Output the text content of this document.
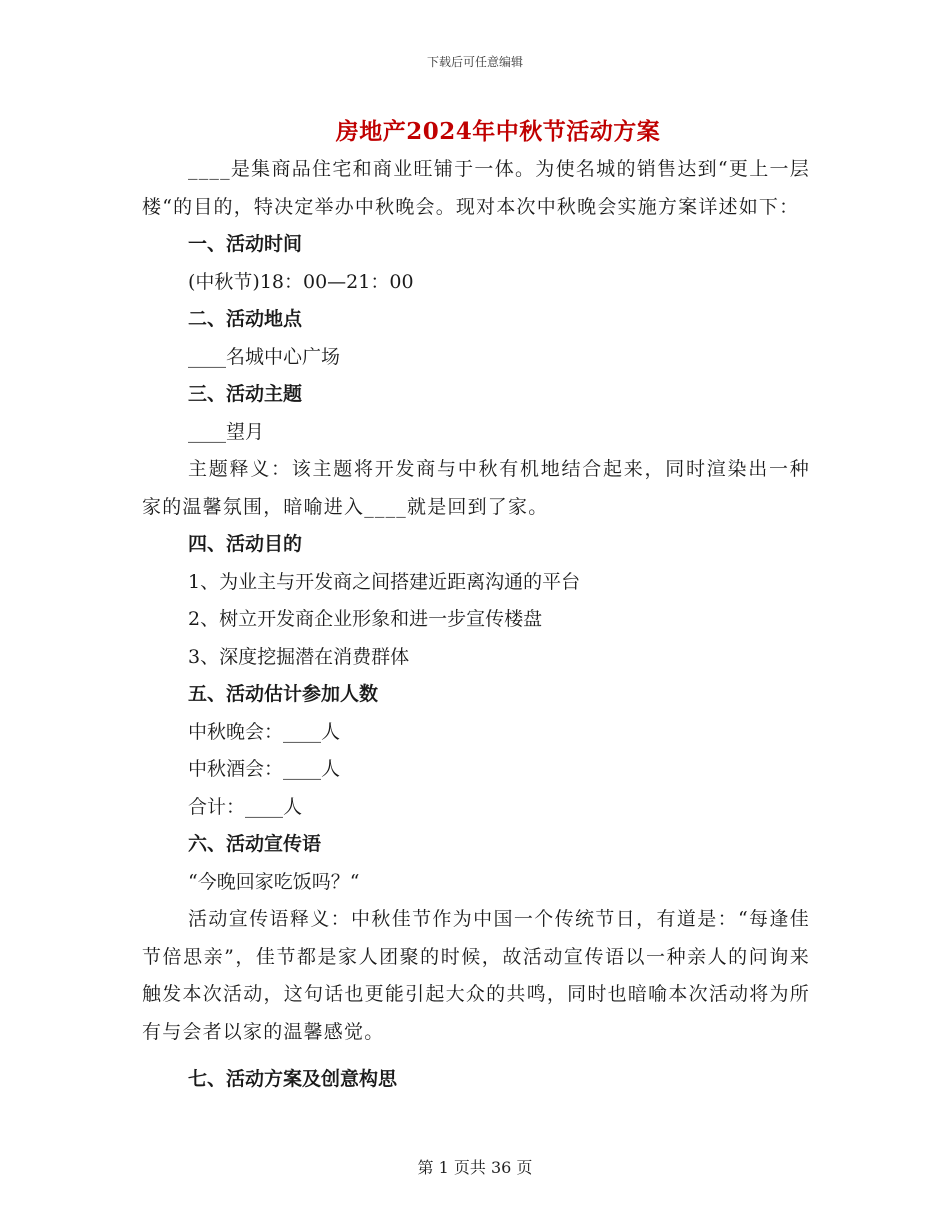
下载后可任意编辑
房地产2024年中秋节活动方案

____是集商品住宅和商业旺铺于一体。为使名城的销售达到“更上一层楼“的目的，特决定举办中秋晚会。现对本次中秋晚会实施方案详述如下：

一、活动时间

(中秋节)18：00—21：00

二、活动地点

____名城中心广场

三、活动主题

____望月

主题释义：该主题将开发商与中秋有机地结合起来，同时渲染出一种家的温馨氛围，暗喻进入____就是回到了家。

四、活动目的

1、为业主与开发商之间搭建近距离沟通的平台

2、树立开发商企业形象和进一步宣传楼盘

3、深度挖掘潜在消费群体

五、活动估计参加人数

中秋晚会：____人

中秋酒会：____人

合计：____人

六、活动宣传语

“今晚回家吃饭吗？“

活动宣传语释义：中秋佳节作为中国一个传统节日，有道是：“每逢佳节倍思亲”，佳节都是家人团聚的时候，故活动宣传语以一种亲人的问询来触发本次活动，这句话也更能引起大众的共鸣，同时也暗喻本次活动将为所有与会者以家的温馨感觉。

七、活动方案及创意构思

第 1 页共 36 页
